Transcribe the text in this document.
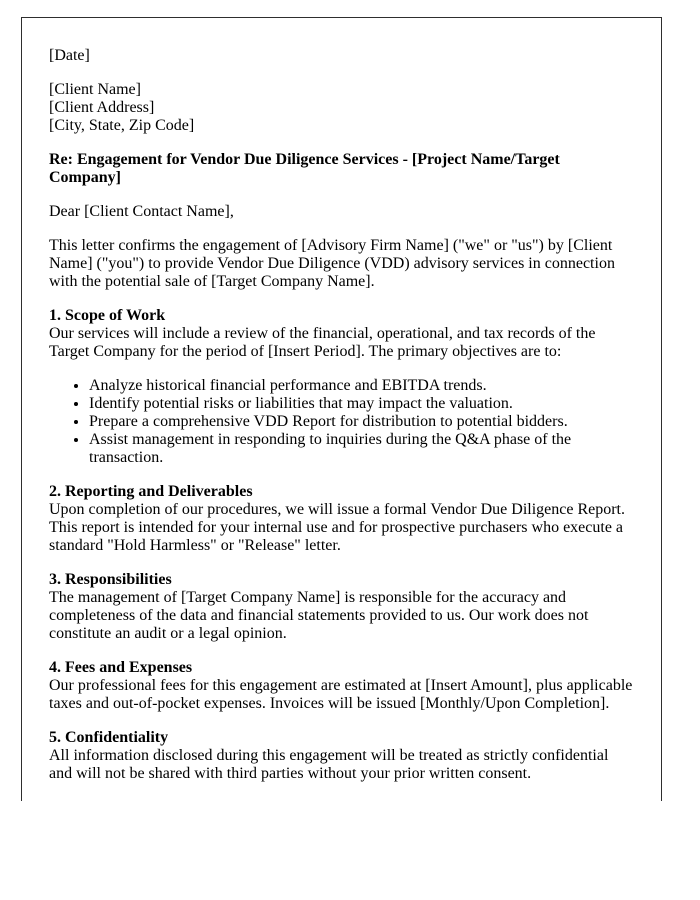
[Date]

[Client Name]
[Client Address]
[City, State, Zip Code]

Re: Engagement for Vendor Due Diligence Services - [Project Name/Target Company]

Dear [Client Contact Name],

This letter confirms the engagement of [Advisory Firm Name] ("we" or "us") by [Client Name] ("you") to provide Vendor Due Diligence (VDD) advisory services in connection with the potential sale of [Target Company Name].

1. Scope of Work
Our services will include a review of the financial, operational, and tax records of the Target Company for the period of [Insert Period]. The primary objectives are to:

• Analyze historical financial performance and EBITDA trends.
• Identify potential risks or liabilities that may impact the valuation.
• Prepare a comprehensive VDD Report for distribution to potential bidders.
• Assist management in responding to inquiries during the Q&A phase of the transaction.

2. Reporting and Deliverables
Upon completion of our procedures, we will issue a formal Vendor Due Diligence Report. This report is intended for your internal use and for prospective purchasers who execute a standard "Hold Harmless" or "Release" letter.

3. Responsibilities
The management of [Target Company Name] is responsible for the accuracy and completeness of the data and financial statements provided to us. Our work does not constitute an audit or a legal opinion.

4. Fees and Expenses
Our professional fees for this engagement are estimated at [Insert Amount], plus applicable taxes and out-of-pocket expenses. Invoices will be issued [Monthly/Upon Completion].

5. Confidentiality
All information disclosed during this engagement will be treated as strictly confidential and will not be shared with third parties without your prior written consent.
